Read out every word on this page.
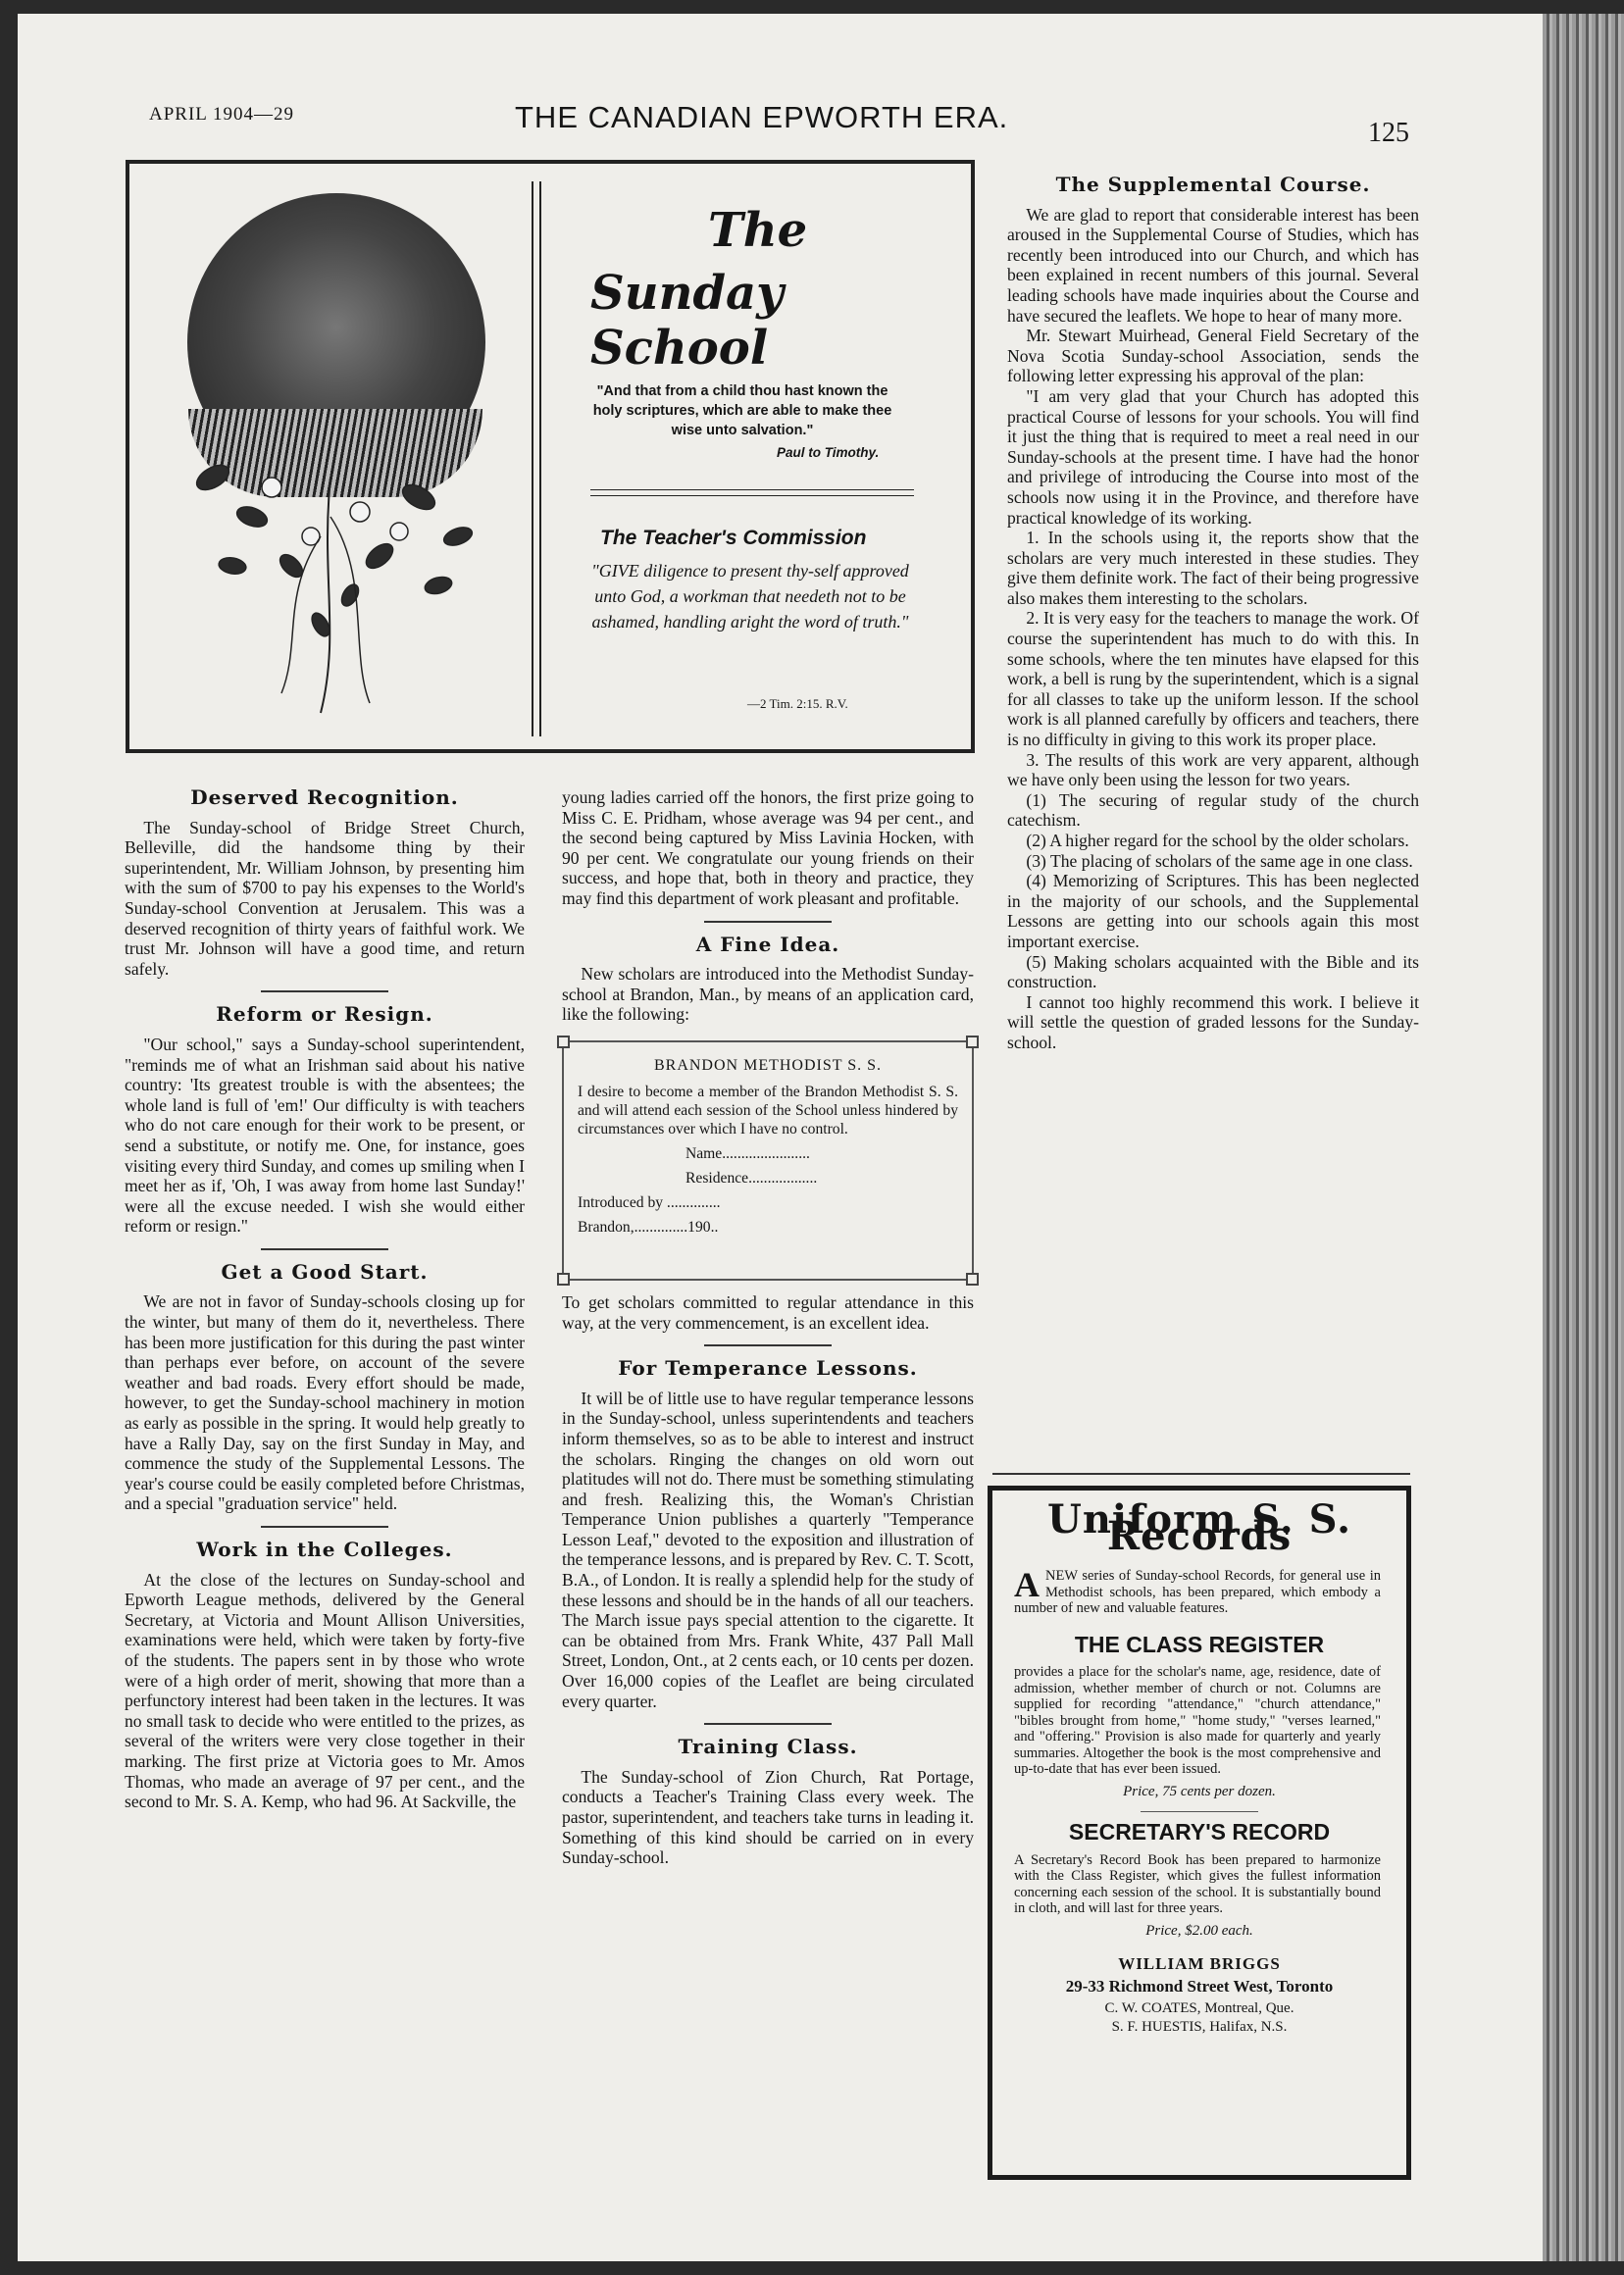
APRIL 1904—29	THE CANADIAN EPWORTH ERA.	125
The
Sunday School
"And that from a child thou hast known the holy scriptures, which are able to make thee wise unto salvation."
Paul to Timothy.
The Teacher's Commission
"GIVE diligence to present thy-self approved unto God, a workman that needeth not to be ashamed, handling aright the word of truth."
—2 Tim. 2:15. R.V.
Deserved Recognition.

The Sunday-school of Bridge Street Church, Belleville, did the handsome thing by their superintendent, Mr. William Johnson, by presenting him with the sum of $700 to pay his expenses to the World's Sunday-school Convention at Jerusalem. This was a deserved recognition of thirty years of faithful work. We trust Mr. Johnson will have a good time, and return safely.

Reform or Resign.

"Our school," says a Sunday-school superintendent, "reminds me of what an Irishman said about his native country: 'Its greatest trouble is with the absentees; the whole land is full of 'em!' Our difficulty is with teachers who do not care enough for their work to be present, or send a substitute, or notify me. One, for instance, goes visiting every third Sunday, and comes up smiling when I meet her as if, 'Oh, I was away from home last Sunday!' were all the excuse needed. I wish she would either reform or resign."

Get a Good Start.

We are not in favor of Sunday-schools closing up for the winter, but many of them do it, nevertheless. There has been more justification for this during the past winter than perhaps ever before, on account of the severe weather and bad roads. Every effort should be made, however, to get the Sunday-school machinery in motion as early as possible in the spring. It would help greatly to have a Rally Day, say on the first Sunday in May, and commence the study of the Supplemental Lessons. The year's course could be easily completed before Christmas, and a special "graduation service" held.

Work in the Colleges.

At the close of the lectures on Sunday-school and Epworth League methods, delivered by the General Secretary, at Victoria and Mount Allison Universities, examinations were held, which were taken by forty-five of the students. The papers sent in by those who wrote were of a high order of merit, showing that more than a perfunctory interest had been taken in the lectures. It was no small task to decide who were entitled to the prizes, as several of the writers were very close together in their marking. The first prize at Victoria goes to Mr. Amos Thomas, who made an average of 97 per cent., and the second to Mr. S. A. Kemp, who had 96. At Sackville, the

young ladies carried off the honors, the first prize going to Miss C. E. Pridham, whose average was 94 per cent., and the second being captured by Miss Lavinia Hocken, with 90 per cent. We congratulate our young friends on their success, and hope that, both in theory and practice, they may find this department of work pleasant and profitable.

A Fine Idea.

New scholars are introduced into the Methodist Sunday-school at Brandon, Man., by means of an application card, like the following:

BRANDON METHODIST S. S.
I desire to become a member of the Brandon Methodist S. S. and will attend each session of the School unless hindered by circumstances over which I have no control.
Name.......................
Residence..................
Introduced by ..............
Brandon,..............190..

To get scholars committed to regular attendance in this way, at the very commencement, is an excellent idea.

For Temperance Lessons.

It will be of little use to have regular temperance lessons in the Sunday-school, unless superintendents and teachers inform themselves, so as to be able to interest and instruct the scholars. Ringing the changes on old worn out platitudes will not do. There must be something stimulating and fresh. Realizing this, the Woman's Christian Temperance Union publishes a quarterly "Temperance Lesson Leaf," devoted to the exposition and illustration of the temperance lessons, and is prepared by Rev. C. T. Scott, B.A., of London. It is really a splendid help for the study of these lessons and should be in the hands of all our teachers. The March issue pays special attention to the cigarette. It can be obtained from Mrs. Frank White, 437 Pall Mall Street, London, Ont., at 2 cents each, or 10 cents per dozen. Over 16,000 copies of the Leaflet are being circulated every quarter.

Training Class.

The Sunday-school of Zion Church, Rat Portage, conducts a Teacher's Training Class every week. The pastor, superintendent, and teachers take turns in leading it. Something of this kind should be carried on in every Sunday-school.

The Supplemental Course.

We are glad to report that considerable interest has been aroused in the Supplemental Course of Studies, which has recently been introduced into our Church, and which has been explained in recent numbers of this journal. Several leading schools have made inquiries about the Course and have secured the leaflets. We hope to hear of many more.

Mr. Stewart Muirhead, General Field Secretary of the Nova Scotia Sunday-school Association, sends the following letter expressing his approval of the plan:

"I am very glad that your Church has adopted this practical Course of lessons for your schools. You will find it just the thing that is required to meet a real need in our Sunday-schools at the present time. I have had the honor and privilege of introducing the Course into most of the schools now using it in the Province, and therefore have practical knowledge of its working.

1. In the schools using it, the reports show that the scholars are very much interested in these studies. They give them definite work. The fact of their being progressive also makes them interesting to the scholars.

2. It is very easy for the teachers to manage the work. Of course the superintendent has much to do with this. In some schools, where the ten minutes have elapsed for this work, a bell is rung by the superintendent, which is a signal for all classes to take up the uniform lesson. If the school work is all planned carefully by officers and teachers, there is no difficulty in giving to this work its proper place.

3. The results of this work are very apparent, although we have only been using the lesson for two years.

(1) The securing of regular study of the church catechism.

(2) A higher regard for the school by the older scholars.

(3) The placing of scholars of the same age in one class.

(4) Memorizing of Scriptures. This has been neglected in the majority of our schools, and the Supplemental Lessons are getting into our schools again this most important exercise.

(5) Making scholars acquainted with the Bible and its construction.

I cannot too highly recommend this work. I believe it will settle the question of graded lessons for the Sunday-school.

Uniform S. S. Records
A NEW series of Sunday-school Records, for general use in Methodist schools, has been prepared, which embody a number of new and valuable features.
THE CLASS REGISTER
provides a place for the scholar's name, age, residence, date of admission, whether member of church or not. Columns are supplied for recording "attendance," "church attendance," "bibles brought from home," "home study," "verses learned," and "offering." Provision is also made for quarterly and yearly summaries. Altogether the book is the most comprehensive and up-to-date that has ever been issued.
Price, 75 cents per dozen.
SECRETARY'S RECORD
A Secretary's Record Book has been prepared to harmonize with the Class Register, which gives the fullest information concerning each session of the school. It is substantially bound in cloth, and will last for three years.
Price, $2.00 each.
WILLIAM BRIGGS
29-33 Richmond Street West, Toronto
C. W. COATES, Montreal, Que.
S. F. HUESTIS, Halifax, N.S.
